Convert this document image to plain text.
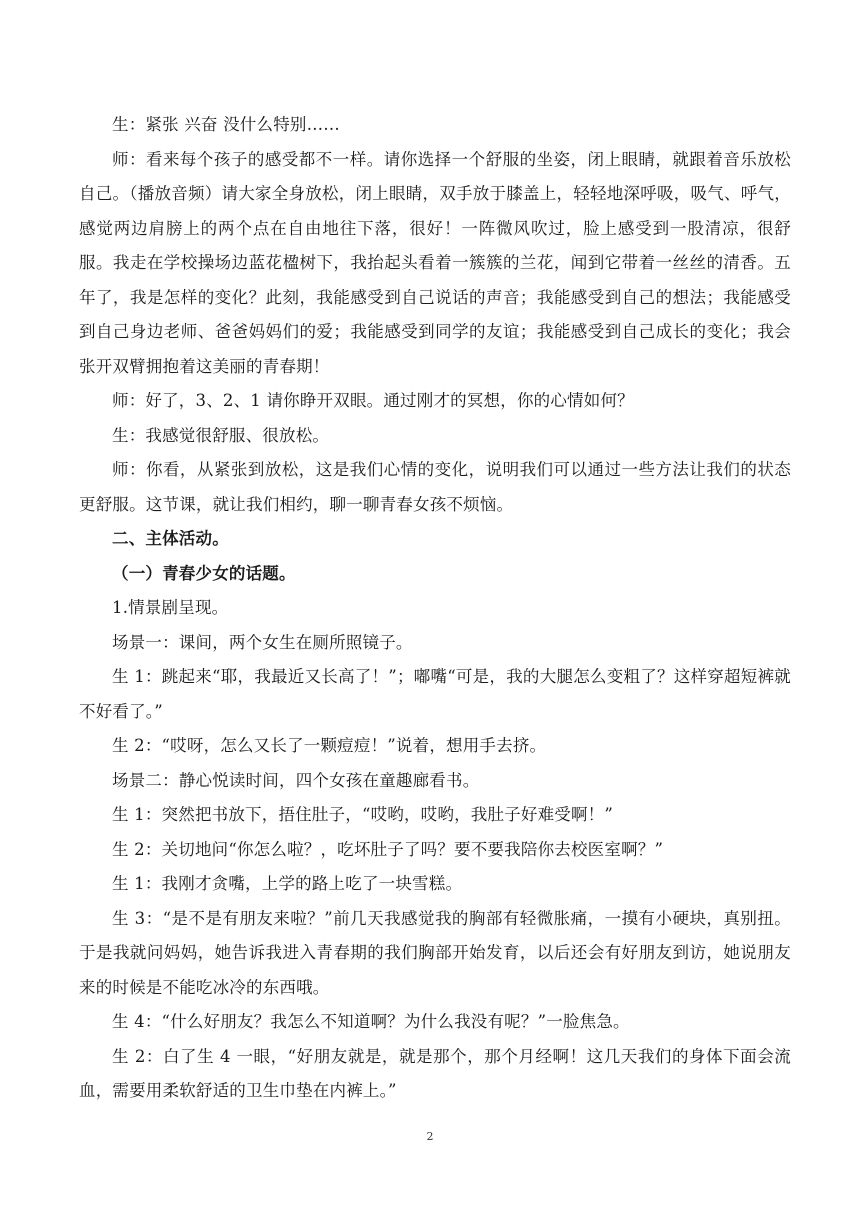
生：紧张 兴奋 没什么特别……

师：看来每个孩子的感受都不一样。请你选择一个舒服的坐姿，闭上眼睛，就跟着音乐放松自己。（播放音频）请大家全身放松，闭上眼睛，双手放于膝盖上，轻轻地深呼吸，吸气、呼气，感觉两边肩膀上的两个点在自由地往下落，很好！一阵微风吹过，脸上感受到一股清凉，很舒服。我走在学校操场边蓝花楹树下，我抬起头看着一簇簇的兰花，闻到它带着一丝丝的清香。五年了，我是怎样的变化？此刻，我能感受到自己说话的声音；我能感受到自己的想法；我能感受到自己身边老师、爸爸妈妈们的爱；我能感受到同学的友谊；我能感受到自己成长的变化；我会张开双臂拥抱着这美丽的青春期！

师：好了，3、2、1 请你睁开双眼。通过刚才的冥想，你的心情如何？

生：我感觉很舒服、很放松。

师：你看，从紧张到放松，这是我们心情的变化，说明我们可以通过一些方法让我们的状态更舒服。这节课，就让我们相约，聊一聊青春女孩不烦恼。

二、主体活动。

（一）青春少女的话题。

1.情景剧呈现。

场景一：课间，两个女生在厕所照镜子。

生 1：跳起来“耶，我最近又长高了！”；嘟嘴“可是，我的大腿怎么变粗了？这样穿超短裤就不好看了。”

生 2：“哎呀，怎么又长了一颗痘痘！”说着，想用手去挤。

场景二：静心悦读时间，四个女孩在童趣廊看书。

生 1：突然把书放下，捂住肚子，“哎哟，哎哟，我肚子好难受啊！”

生 2：关切地问“你怎么啦？，吃坏肚子了吗？要不要我陪你去校医室啊？”

生 1：我刚才贪嘴，上学的路上吃了一块雪糕。

生 3：“是不是有朋友来啦？”前几天我感觉我的胸部有轻微胀痛，一摸有小硬块，真别扭。于是我就问妈妈，她告诉我进入青春期的我们胸部开始发育，以后还会有好朋友到访，她说朋友来的时候是不能吃冰冷的东西哦。

生 4：“什么好朋友？我怎么不知道啊？为什么我没有呢？”一脸焦急。

生 2：白了生 4 一眼，“好朋友就是，就是那个，那个月经啊！这几天我们的身体下面会流血，需要用柔软舒适的卫生巾垫在内裤上。”

2
